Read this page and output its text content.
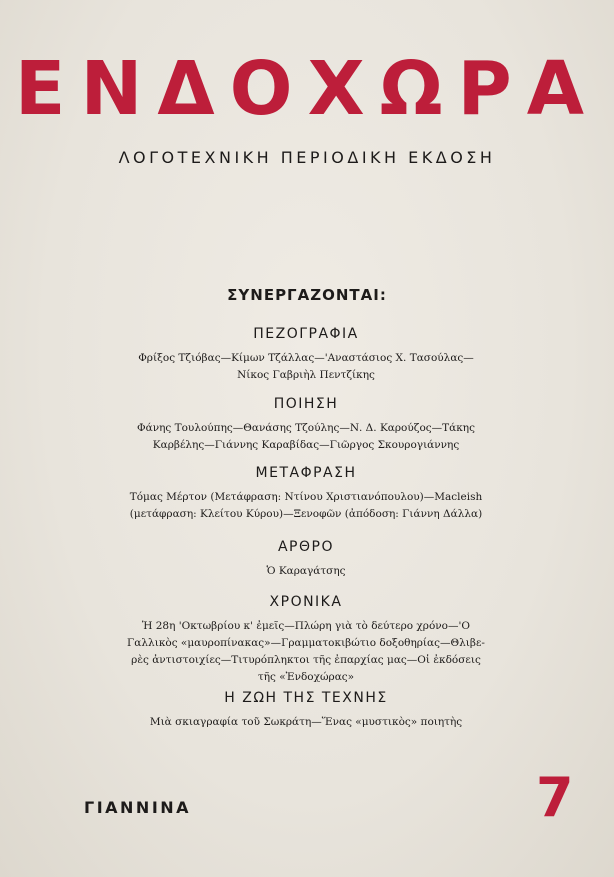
ΕΝΔΟΧΩΡΑ
ΛΟΓΟΤΕΧΝΙΚΗ ΠΕΡΙΟΔΙΚΗ ΕΚΔΟΣΗ
ΣΥΝΕΡΓΑΖΟΝΤΑΙ:
ΠΕΖΟΓΡΑΦΙΑ

Φρίξος Τζιόβας—Κίμων Τζάλλας—'Αναστάσιος Χ. Τασούλας—
Νίκος Γαβριὴλ Πεντζίκης

ΠΟΙΗΣΗ

Φάνης Τουλούπης—Θανάσης Τζούλης—Ν. Δ. Καρούζος—Τάκης
Καρβέλης—Γιάννης Καραβίδας—Γιῶργος Σκουρογιάννης

ΜΕΤΑΦΡΑΣΗ

Τόμας Μέρτον (Μετάφραση: Ντίνου Χριστιανόπουλου)—Macleish
(μετάφραση: Κλείτου Κύρου)—Ξενοφῶν (ἀπόδοση: Γιάννη Δάλλα)

ΑΡΘΡΟ

Ὁ Καραγάτσης

ΧΡΟΝΙΚΑ

Ἡ 28η 'Οκτωβρίου κ' ἐμεῖς—Πλώρη γιὰ τὸ δεύτερο χρόνο—'Ο
Γαλλικὸς «μαυροπίνακας»—Γραμματοκιβώτιο δοξοθηρίας—Θλιβε-
ρὲς ἀντιστοιχίες—Τιτυρόπληκτοι τῆς ἐπαρχίας μας—Οἱ ἐκδόσεις
τῆς «Ἐνδοχώρας»

Η ΖΩΗ ΤΗΣ ΤΕΧΝΗΣ

Μιὰ σκιαγραφία τοῦ Σωκράτη—Ἕνας «μυστικὸς» ποιητὴς

ΓΙΑΝΝΙΝΑ	7
